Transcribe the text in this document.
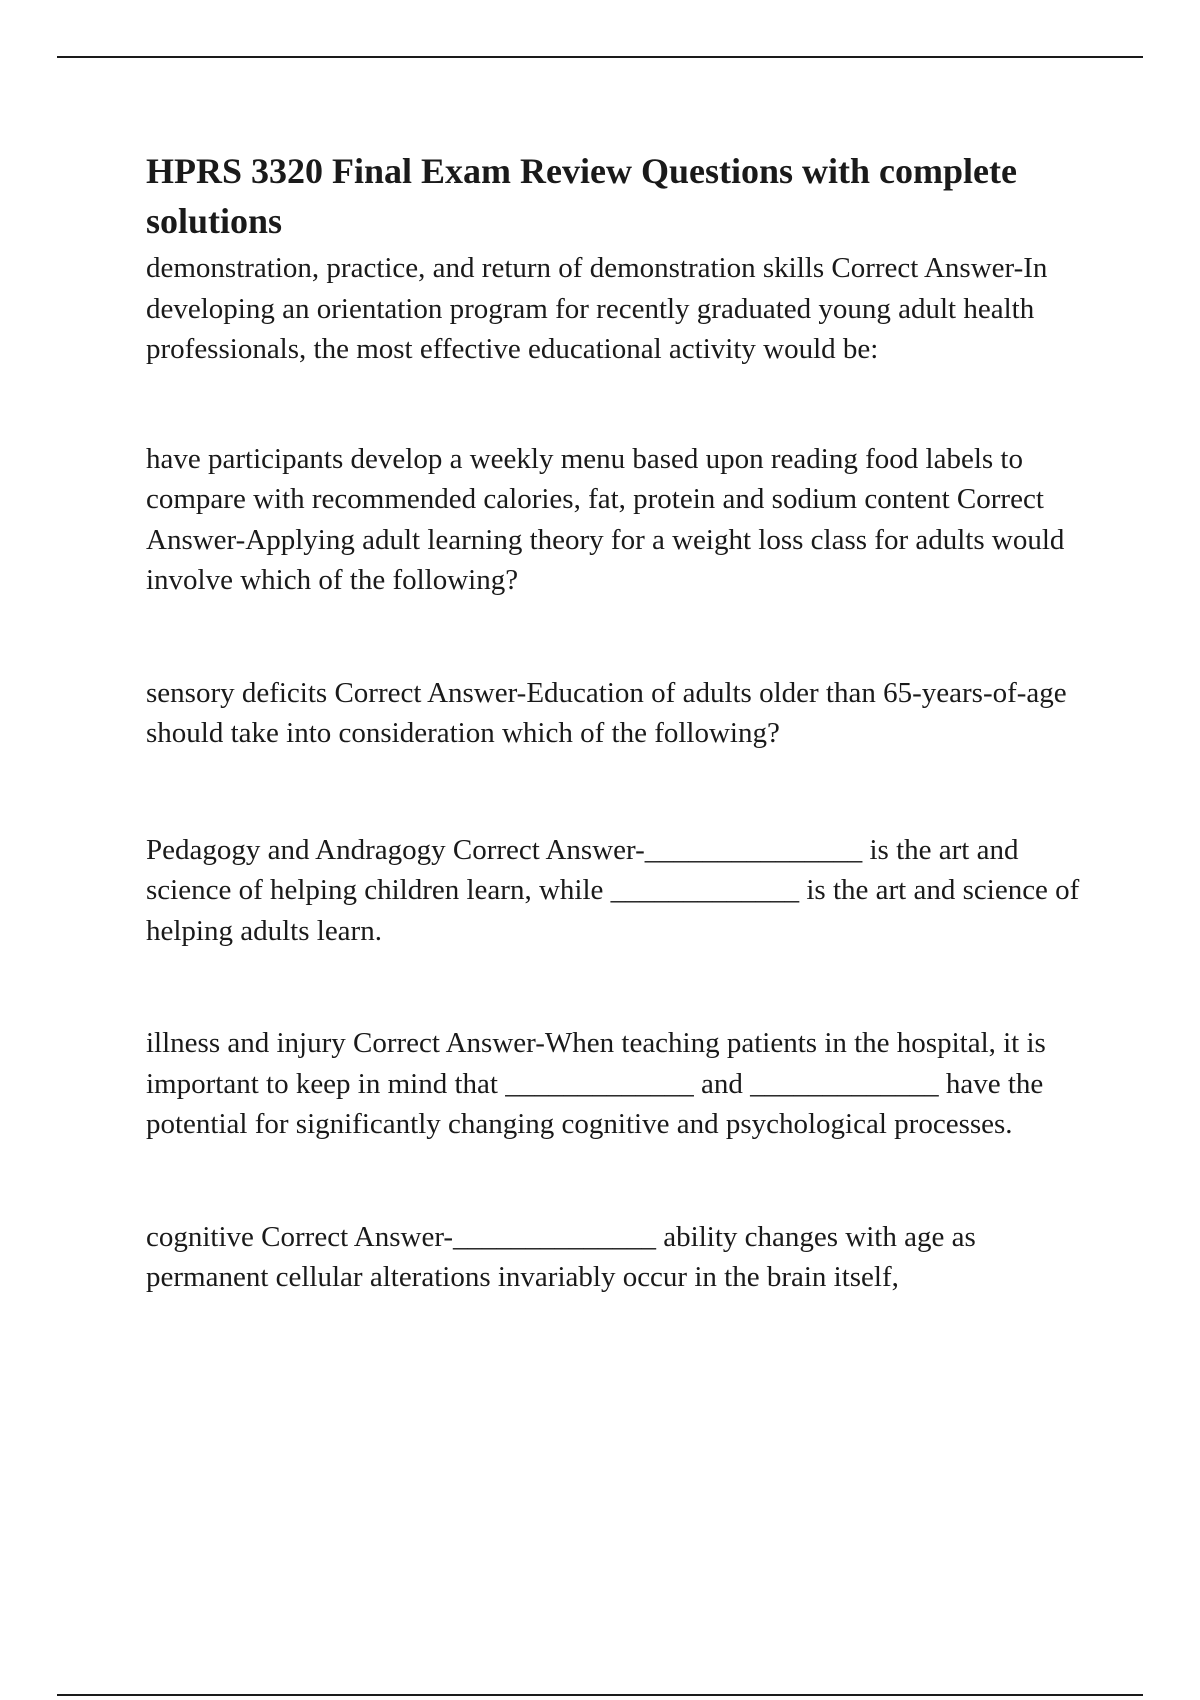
HPRS 3320 Final Exam Review Questions with complete solutions

demonstration, practice, and return of demonstration skills Correct Answer-In developing an orientation program for recently graduated young adult health professionals, the most effective educational activity would be:

have participants develop a weekly menu based upon reading food labels to compare with recommended calories, fat, protein and sodium content Correct Answer-Applying adult learning theory for a weight loss class for adults would involve which of the following?

sensory deficits Correct Answer-Education of adults older than 65-years-of-age should take into consideration which of the following?

Pedagogy and Andragogy Correct Answer-_______________ is the art and science of helping children learn, while _____________ is the art and science of helping adults learn.

illness and injury Correct Answer-When teaching patients in the hospital, it is important to keep in mind that _____________ and _____________ have the potential for significantly changing cognitive and psychological processes.

cognitive Correct Answer-______________ ability changes with age as permanent cellular alterations invariably occur in the brain itself,
